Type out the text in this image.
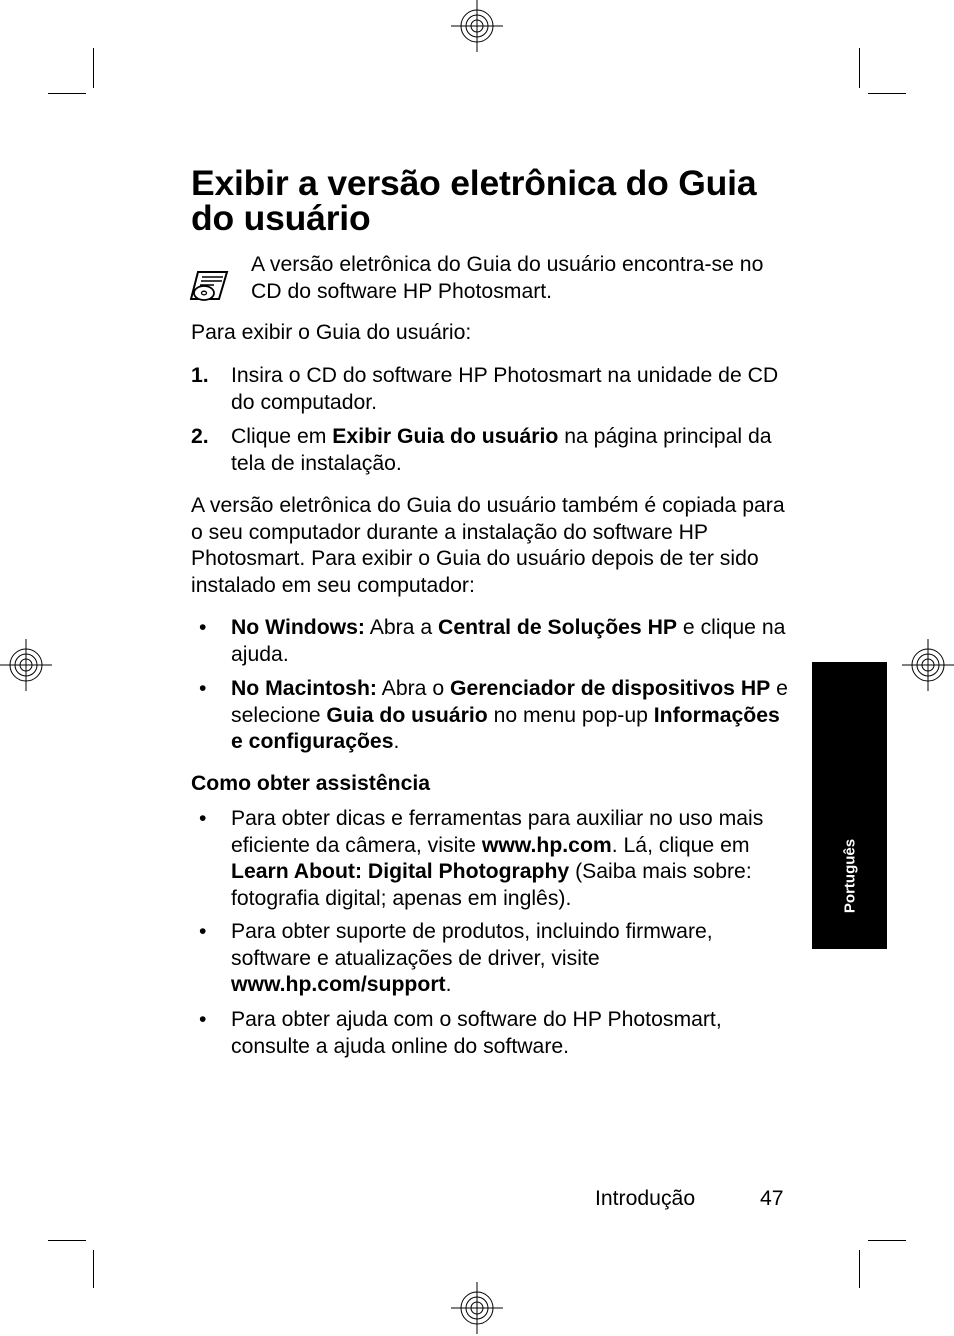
Exibir a versão eletrônica do Guia do usuário
A versão eletrônica do Guia do usuário encontra-se no CD do software HP Photosmart.
Para exibir o Guia do usuário:
1. Insira o CD do software HP Photosmart na unidade de CD do computador.
2. Clique em Exibir Guia do usuário na página principal da tela de instalação.
A versão eletrônica do Guia do usuário também é copiada para o seu computador durante a instalação do software HP Photosmart. Para exibir o Guia do usuário depois de ter sido instalado em seu computador:
• No Windows: Abra a Central de Soluções HP e clique na ajuda.
• No Macintosh: Abra o Gerenciador de dispositivos HP e selecione Guia do usuário no menu pop-up Informações e configurações.
Como obter assistência
• Para obter dicas e ferramentas para auxiliar no uso mais eficiente da câmera, visite www.hp.com. Lá, clique em Learn About: Digital Photography (Saiba mais sobre: fotografia digital; apenas em inglês).
• Para obter suporte de produtos, incluindo firmware, software e atualizações de driver, visite www.hp.com/support.
• Para obter ajuda com o software do HP Photosmart, consulte a ajuda online do software.
Português
Introdução	47
